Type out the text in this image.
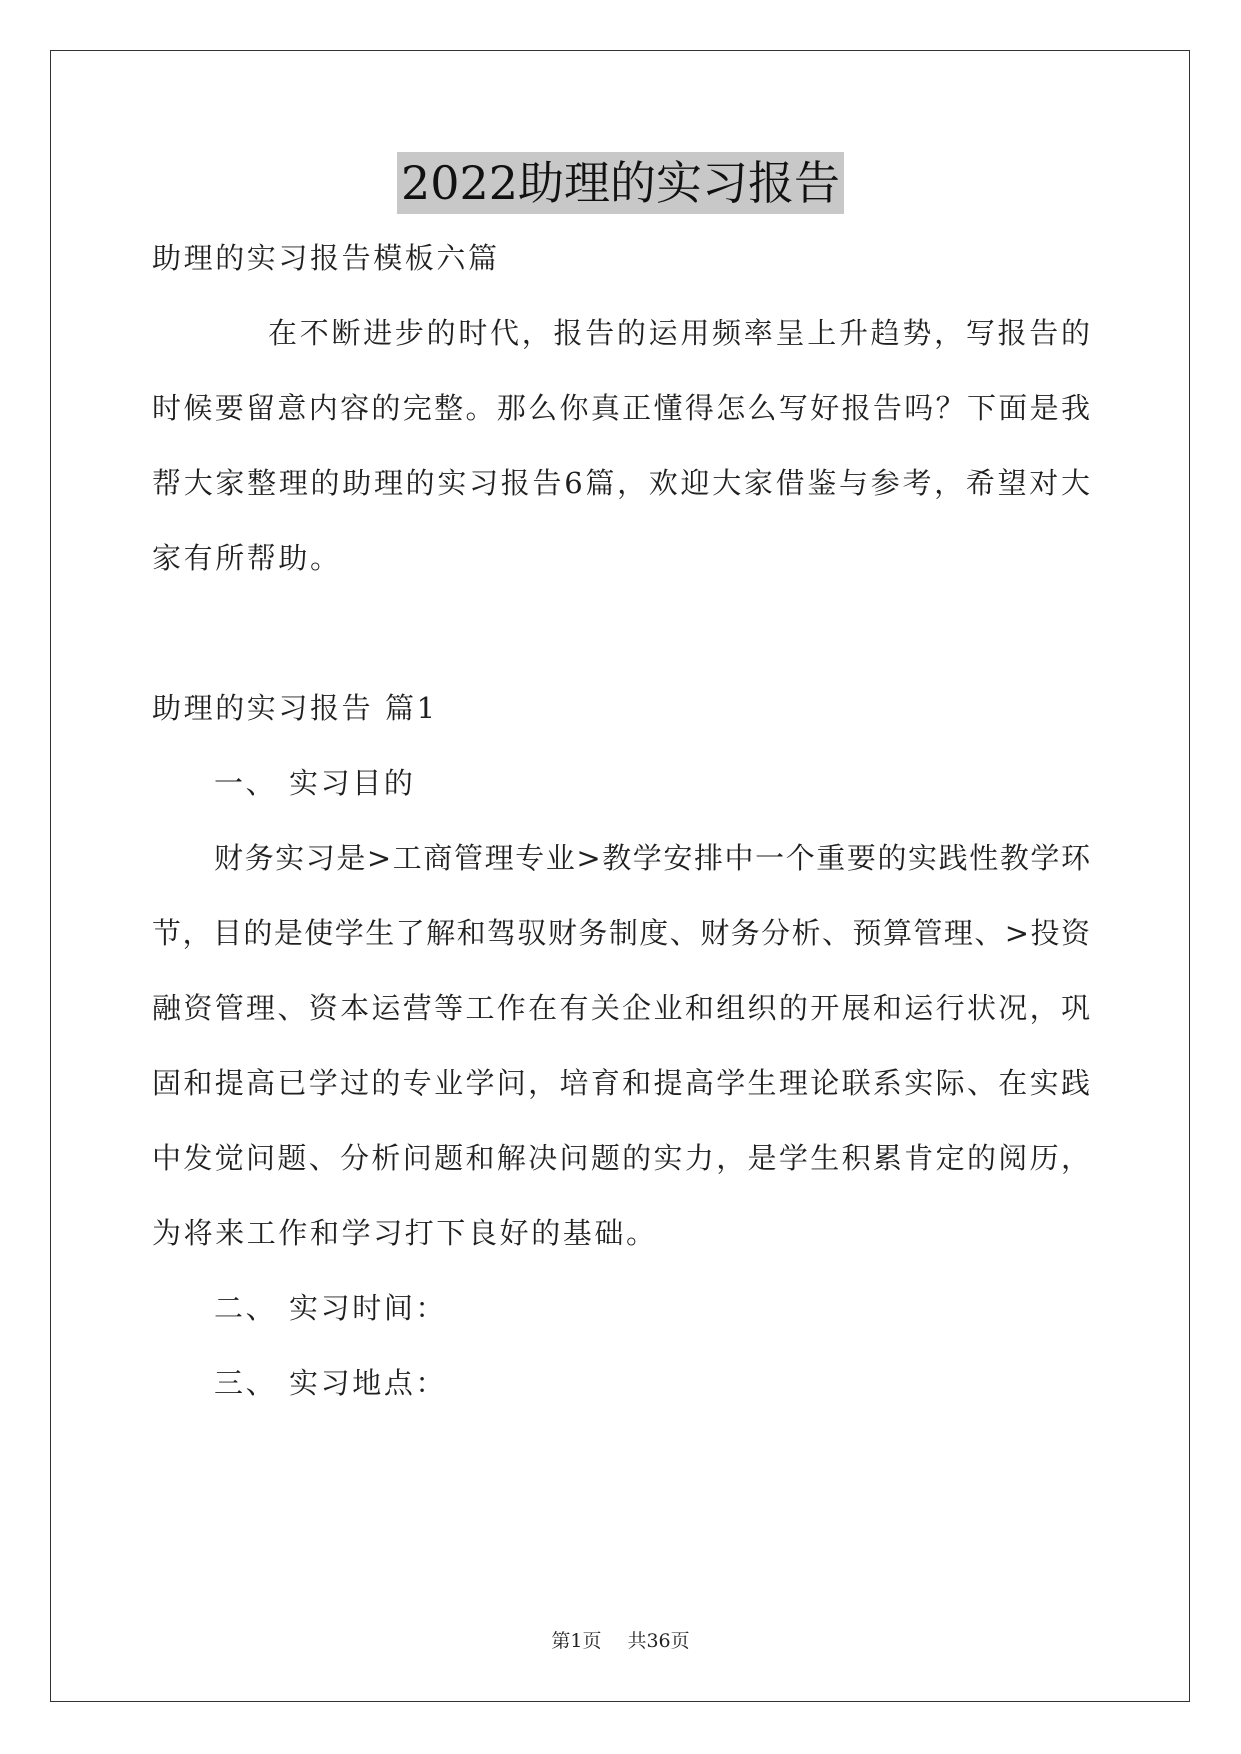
2022助理的实习报告
助理的实习报告模板六篇
在不断进步的时代，报告的运用频率呈上升趋势，写报告的
时候要留意内容的完整。那么你真正懂得怎么写好报告吗？下面是我
帮大家整理的助理的实习报告6篇，欢迎大家借鉴与参考，希望对大
家有所帮助。
助理的实习报告 篇1
一、 实习目的
财务实习是>工商管理专业>教学安排中一个重要的实践性教学环
节，目的是使学生了解和驾驭财务制度、财务分析、预算管理、>投资
融资管理、资本运营等工作在有关企业和组织的开展和运行状况，巩
固和提高已学过的专业学问，培育和提高学生理论联系实际、在实践
中发觉问题、分析问题和解决问题的实力，是学生积累肯定的阅历，
为将来工作和学习打下良好的基础。
二、 实习时间：
三、 实习地点：
第1页 共36页
